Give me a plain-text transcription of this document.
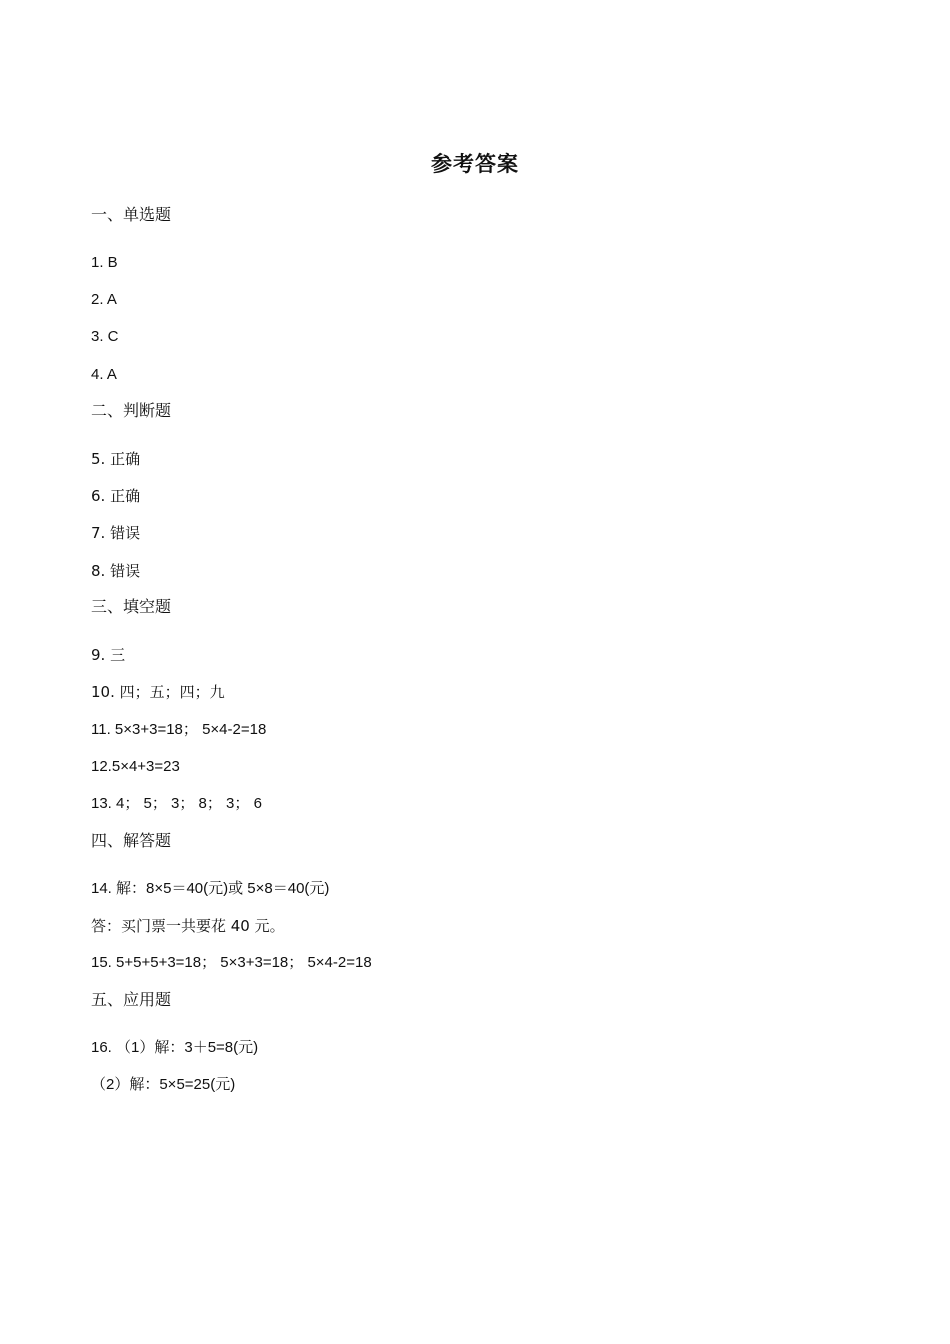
参考答案
一、单选题
1. B
2. A
3. C
4. A
二、判断题
5. 正确
6. 正确
7. 错误
8. 错误
三、填空题
9. 三
10. 四；五；四；九
11. 5×3+3=18； 5×4-2=18
12.5×4+3=23
13. 4； 5； 3； 8； 3； 6
四、解答题
14. 解：8×5＝40(元)或 5×8＝40(元)
答：买门票一共要花 40 元。
15. 5+5+5+3=18； 5×3+3=18； 5×4-2=18
五、应用题
16. （1）解：3＋5=8(元)
（2）解：5×5=25(元)
